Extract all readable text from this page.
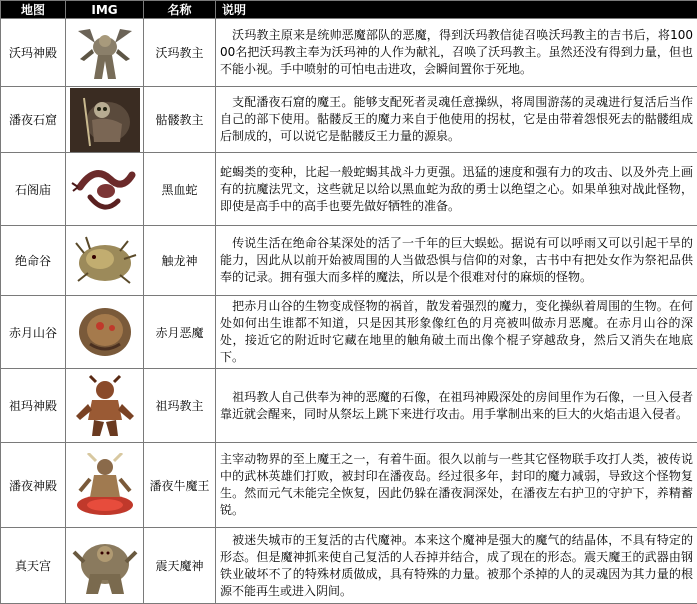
地图	IMG	名称	说明
沃玛神殿		沃玛教主	　沃玛教主原来是统帅恶魔部队的恶魔，得到沃玛教信徒召唤沃玛教主的吉书后，将10000名把沃玛教主奉为沃玛神的人作为献礼，召唤了沃玛教主。虽然还没有得到力量，但也不能小视。手中喷射的可怕电击进攻，会瞬间置你于死地。
潘夜石窟		骷髅教主	　支配潘夜石窟的魔王。能够支配死者灵魂任意操纵，将周围游荡的灵魂进行复活后当作自己的部下使用。骷髅反王的魔力来自于他使用的拐杖，它是由带着怨恨死去的骷髅组成后制成的，可以说它是骷髅反王力量的源泉。
石阁庙		黑血蛇	蛇蝎类的变种，比起一般蛇蝎其战斗力更强。迅猛的速度和强有力的攻击、以及外壳上画有的抗魔法咒文，这些就足以给以黑血蛇为敌的勇士以绝望之心。如果单独对战此怪物，即使是高手中的高手也要先做好牺牲的准备。
绝命谷		触龙神	　传说生活在绝命谷某深处的活了一千年的巨大蜈蚣。据说有可以呼雨又可以引起干旱的能力，因此从以前开始被周围的人当做恐惧与信仰的对象，古书中有把处女作为祭祀品供奉的记录。拥有强大而多样的魔法，所以是个很难对付的麻烦的怪物。
赤月山谷		赤月恶魔	　把赤月山谷的生物变成怪物的祸首，散发着强烈的魔力，变化操纵着周围的生物。在何处如何出生谁都不知道，只是因其形象像红色的月亮被叫做赤月恶魔。在赤月山谷的深处，接近它的附近时它藏在地里的触角破土而出像个棍子穿越敌身，然后又消失在地底下。
祖玛神殿		祖玛教主	　祖玛教人自己供奉为神的恶魔的石像，在祖玛神殿深处的房间里作为石像，一旦入侵者靠近就会醒来，同时从祭坛上跳下来进行攻击。用手掌制出来的巨大的火焰击退入侵者。
潘夜神殿		潘夜牛魔王	主宰动物界的至上魔王之一，有着牛面。很久以前与一些其它怪物联手攻打人类，被传说中的武林英雄们打败，被封印在潘夜岛。经过很多年，封印的魔力减弱，导致这个怪物复生。然而元气未能完全恢复，因此仍躲在潘夜洞深处，在潘夜左右护卫的守护下，养精蓄锐。
真天宫		震天魔神	　被迷失城市的王复活的古代魔神。本来这个魔神是强大的魔气的结晶体，不具有特定的形态。但是魔神抓来使自己复活的人吞掉并结合，成了现在的形态。震天魔王的武器由钢铁业破坏不了的特殊材质做成，具有特殊的力量。被那个杀掉的人的灵魂因为其力量的根源不能再生或进入阴间。
